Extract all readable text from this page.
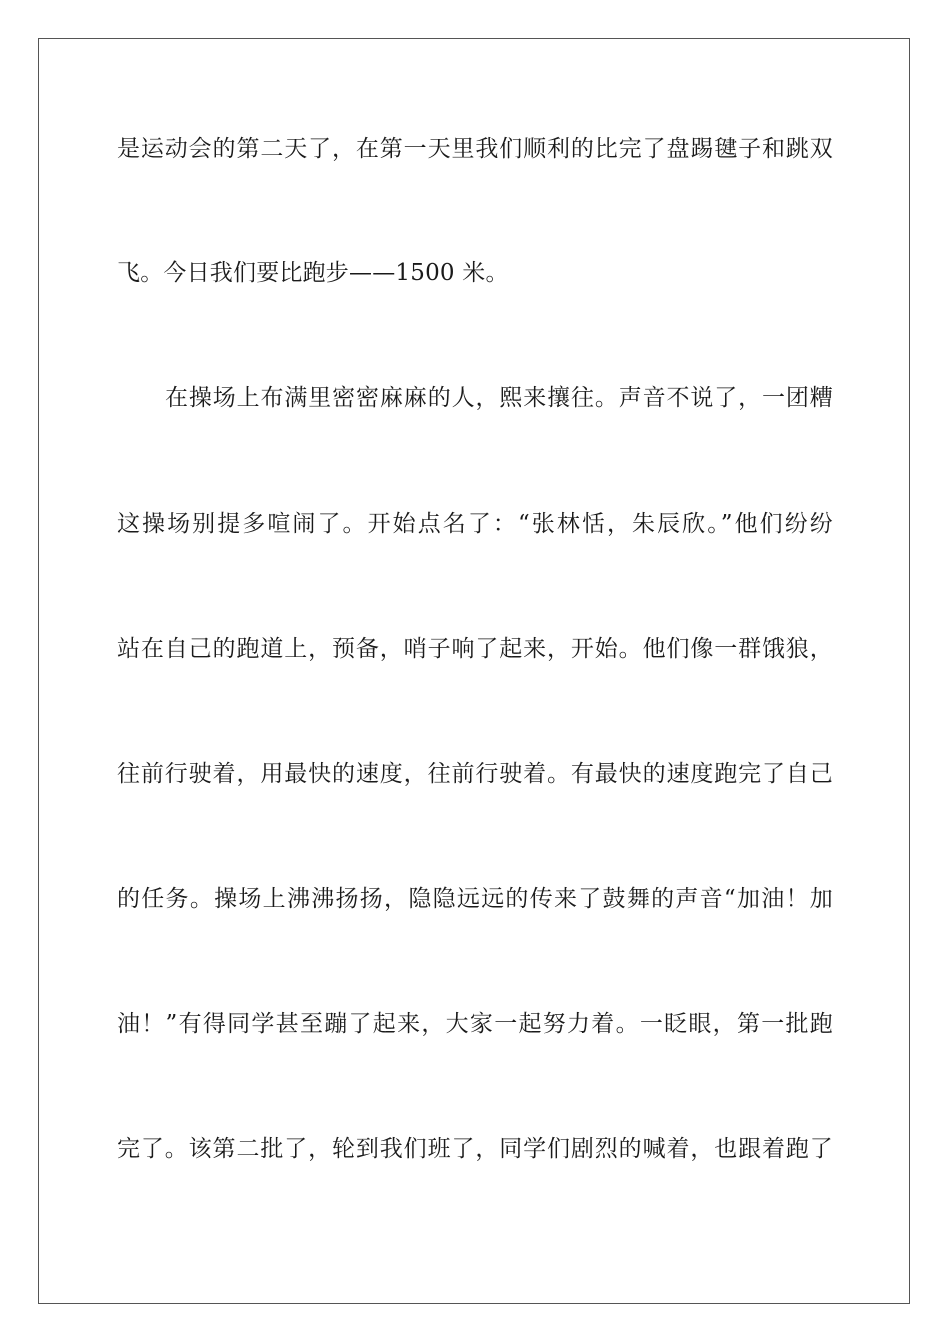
是运动会的第二天了，在第一天里我们顺利的比完了盘踢毽子和跳双
飞。今日我们要比跑步——1500 米。
在操场上布满里密密麻麻的人，熙来攘往。声音不说了，一团糟
这操场别提多喧闹了。开始点名了：“张林恬，朱辰欣。”他们纷纷
站在自己的跑道上，预备，哨子响了起来，开始。他们像一群饿狼，
往前行驶着，用最快的速度，往前行驶着。有最快的速度跑完了自己
的任务。操场上沸沸扬扬，隐隐远远的传来了鼓舞的声音“加油！加
油！”有得同学甚至蹦了起来，大家一起努力着。一眨眼，第一批跑
完了。该第二批了，轮到我们班了，同学们剧烈的喊着，也跟着跑了
